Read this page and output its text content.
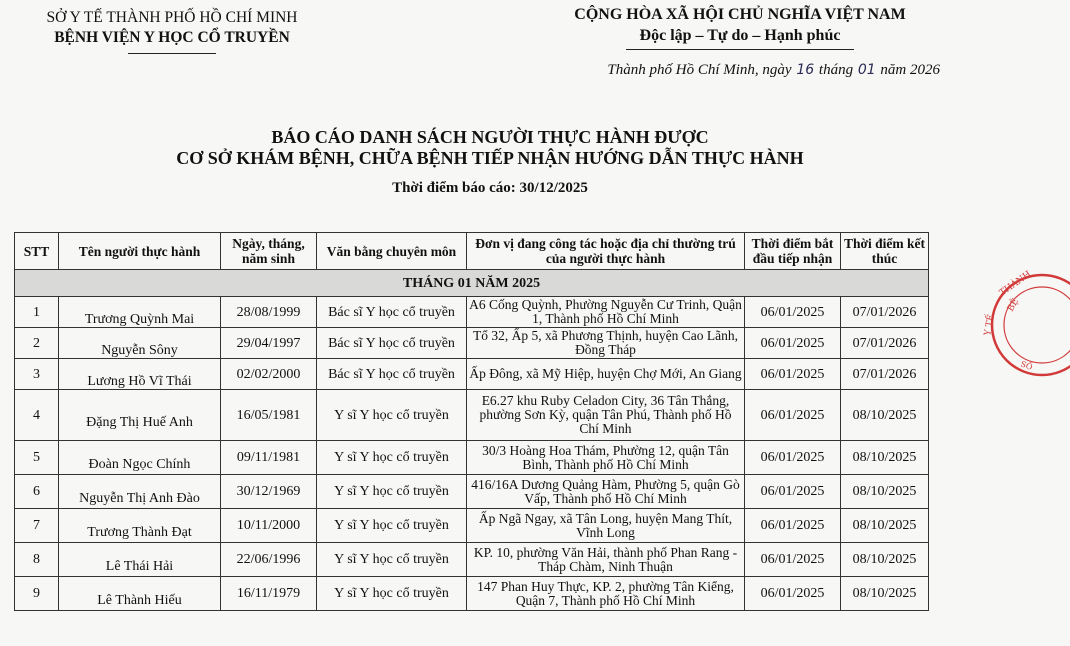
SỞ Y TẾ THÀNH PHỐ HỒ CHÍ MINH
BỆNH VIỆN Y HỌC CỔ TRUYỀN
CỘNG HÒA XÃ HỘI CHỦ NGHĨA VIỆT NAM
Độc lập – Tự do – Hạnh phúc
Thành phố Hồ Chí Minh, ngày 16 tháng 01 năm 2026
BÁO CÁO DANH SÁCH NGƯỜI THỰC HÀNH ĐƯỢC
CƠ SỞ KHÁM BỆNH, CHỮA BỆNH TIẾP NHẬN HƯỚNG DẪN THỰC HÀNH
Thời điểm báo cáo: 30/12/2025
STT	Tên người thực hành	Ngày, tháng, năm sinh	Văn bằng chuyên môn	Đơn vị đang công tác hoặc địa chỉ thường trú của người thực hành	Thời điểm bắt đầu tiếp nhận	Thời điểm kết thúc
THÁNG 01 NĂM 2025						
1	Trương Quỳnh Mai	28/08/1999	Bác sĩ Y học cổ truyền	A6 Cống Quỳnh, Phường Nguyễn Cư Trinh, Quận 1, Thành phố Hồ Chí Minh	06/01/2025	07/01/2026
2	Nguyễn Sôny	29/04/1997	Bác sĩ Y học cổ truyền	Tổ 32, Ấp 5, xã Phương Thịnh, huyện Cao Lãnh, Đồng Tháp	06/01/2025	07/01/2026
3	Lương Hồ Vĩ Thái	02/02/2000	Bác sĩ Y học cổ truyền	Ấp Đông, xã Mỹ Hiệp, huyện Chợ Mới, An Giang	06/01/2025	07/01/2026
4	Đặng Thị Huế Anh	16/05/1981	Y sĩ Y học cổ truyền	E6.27 khu Ruby Celadon City, 36 Tân Thắng, phường Sơn Kỳ, quận Tân Phú, Thành phố Hồ Chí Minh	06/01/2025	08/10/2025
5	Đoàn Ngọc Chính	09/11/1981	Y sĩ Y học cổ truyền	30/3 Hoàng Hoa Thám, Phường 12, quận Tân Bình, Thành phố Hồ Chí Minh	06/01/2025	08/10/2025
6	Nguyễn Thị Anh Đào	30/12/1969	Y sĩ Y học cổ truyền	416/16A Dương Quảng Hàm, Phường 5, quận Gò Vấp, Thành phố Hồ Chí Minh	06/01/2025	08/10/2025
7	Trương Thành Đạt	10/11/2000	Y sĩ Y học cổ truyền	Ấp Ngã Ngay, xã Tân Long, huyện Mang Thít, Vĩnh Long	06/01/2025	08/10/2025
8	Lê Thái Hải	22/06/1996	Y sĩ Y học cổ truyền	KP. 10, phường Văn Hải, thành phố Phan Rang - Tháp Chàm, Ninh Thuận	06/01/2025	08/10/2025
9	Lê Thành Hiếu	16/11/1979	Y sĩ Y học cổ truyền	147 Phan Huy Thực, KP. 2, phường Tân Kiểng, Quận 7, Thành phố Hồ Chí Minh	06/01/2025	08/10/2025
THÀNH
Y TẾ
BỆ
SỐ
